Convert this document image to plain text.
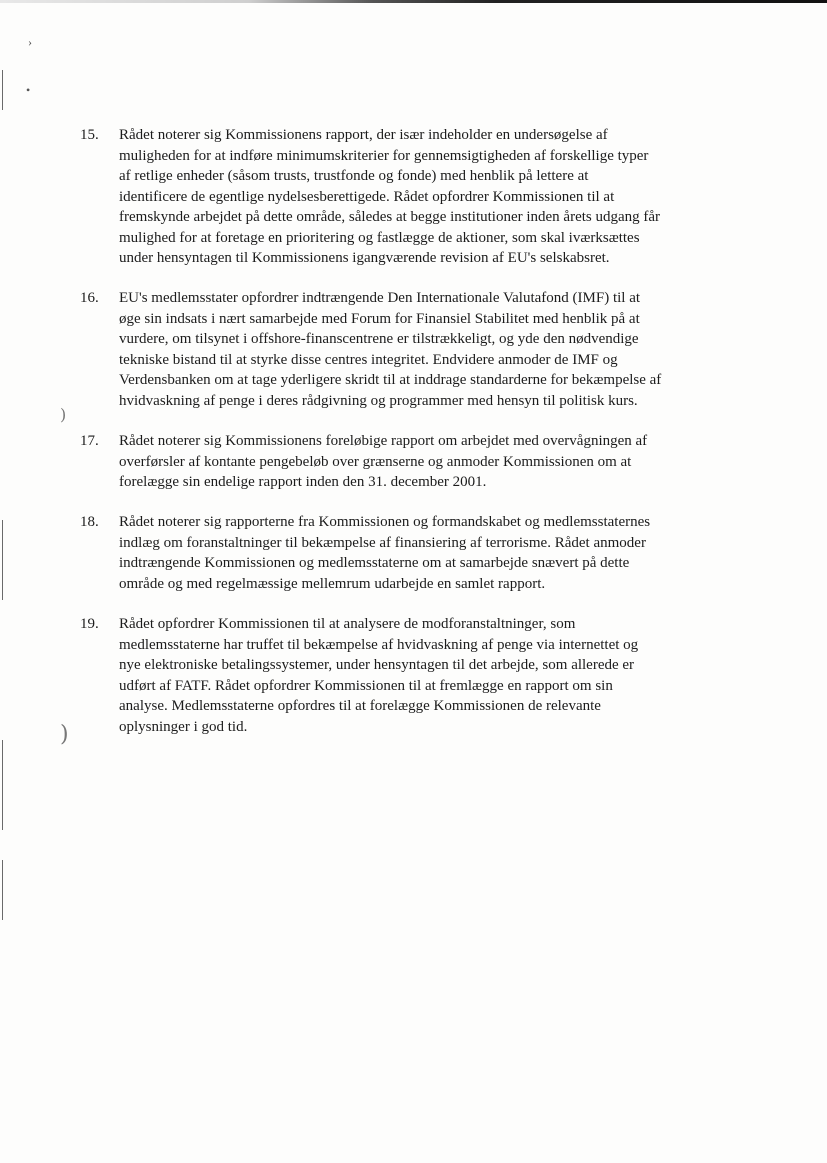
›
•
)
)
15. Rådet noterer sig Kommissionens rapport, der især indeholder en undersøgelse af
muligheden for at indføre minimumskriterier for gennemsigtigheden af forskellige typer
af retlige enheder (såsom trusts, trustfonde og fonde) med henblik på lettere at
identificere de egentlige nydelsesberettigede. Rådet opfordrer Kommissionen til at
fremskynde arbejdet på dette område, således at begge institutioner inden årets udgang får
mulighed for at foretage en prioritering og fastlægge de aktioner, som skal iværksættes
under hensyntagen til Kommissionens igangværende revision af EU's selskabsret.
16. EU's medlemsstater opfordrer indtrængende Den Internationale Valutafond (IMF) til at
øge sin indsats i nært samarbejde med Forum for Finansiel Stabilitet med henblik på at
vurdere, om tilsynet i offshore-finanscentrene er tilstrækkeligt, og yde den nødvendige
tekniske bistand til at styrke disse centres integritet. Endvidere anmoder de IMF og
Verdensbanken om at tage yderligere skridt til at inddrage standarderne for bekæmpelse af
hvidvaskning af penge i deres rådgivning og programmer med hensyn til politisk kurs.
17. Rådet noterer sig Kommissionens foreløbige rapport om arbejdet med overvågningen af
overførsler af kontante pengebeløb over grænserne og anmoder Kommissionen om at
forelægge sin endelige rapport inden den 31. december 2001.
18. Rådet noterer sig rapporterne fra Kommissionen og formandskabet og medlemsstaternes
indlæg om foranstaltninger til bekæmpelse af finansiering af terrorisme. Rådet anmoder
indtrængende Kommissionen og medlemsstaterne om at samarbejde snævert på dette
område og med regelmæssige mellemrum udarbejde en samlet rapport.
19. Rådet opfordrer Kommissionen til at analysere de modforanstaltninger, som
medlemsstaterne har truffet til bekæmpelse af hvidvaskning af penge via internettet og
nye elektroniske betalingssystemer, under hensyntagen til det arbejde, som allerede er
udført af FATF. Rådet opfordrer Kommissionen til at fremlægge en rapport om sin
analyse. Medlemsstaterne opfordres til at forelægge Kommissionen de relevante
oplysninger i god tid.
